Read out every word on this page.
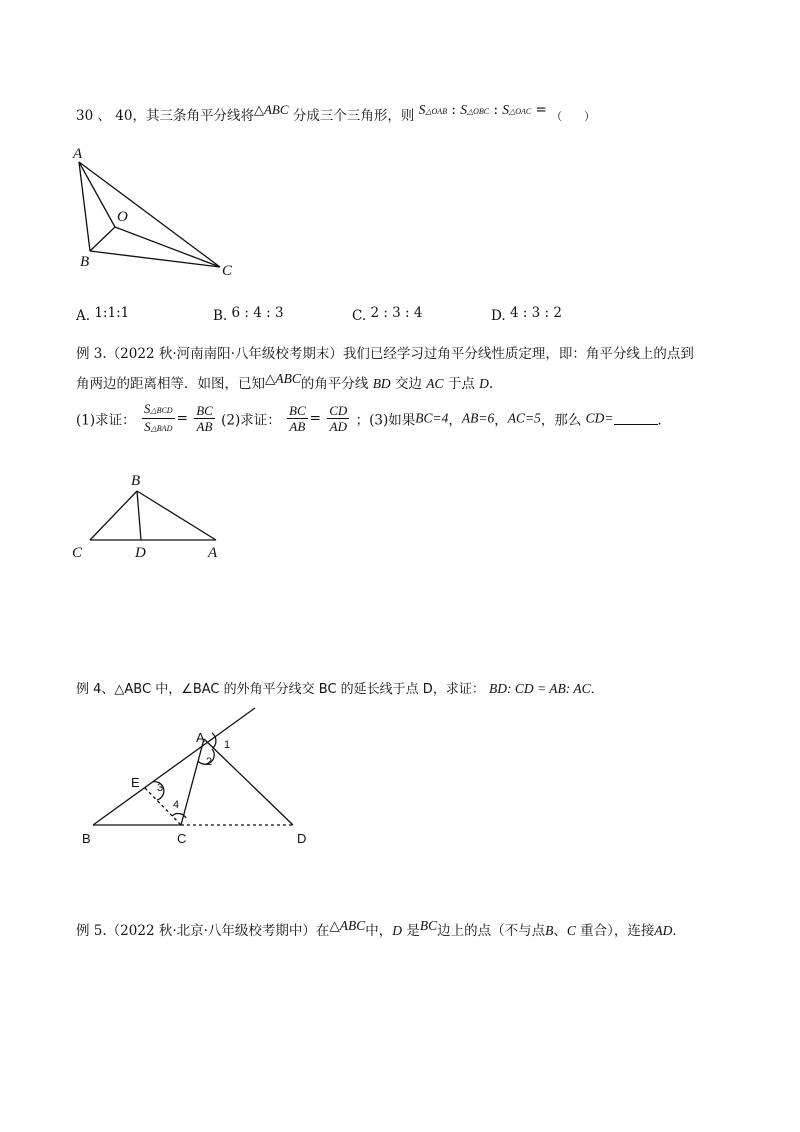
30 、 40，其三条角平分线将△ABC 分成三个三角形，则 S△OAB : S△OBC : S△OAC = （　　）
A
O
B
C
A. 1:1:1	B. 6 : 4 : 3	C. 2 : 3 : 4	D. 4 : 3 : 2
例 3.（2022 秋·河南南阳·八年级校考期末）我们已经学习过角平分线性质定理，即：角平分线上的点到
角两边的距离相等．如图，已知△ABC的角平分线 BD 交边 AC 于点 D.
(1)求证： $\frac{\text{S△BCD}}{\text{S△BAD}} = \frac{BC}{AB} (2)$求证： $\frac{BC}{AB} = \frac{CD}{AD}$ ；(3)如果BC=4，AB=6，AC=5，那么 CD=	．
B
C	D	A
例 4、△ABC 中，∠BAC 的外角平分线交 BC 的延长线于点 D，求证： BD: CD = AB: AC．
A 1
2
E 3
4
B	C	D
例 5.（2022 秋·北京·八年级校考期中）在△ABC中，D 是BC边上的点（不与点B、C 重合），连接AD．
